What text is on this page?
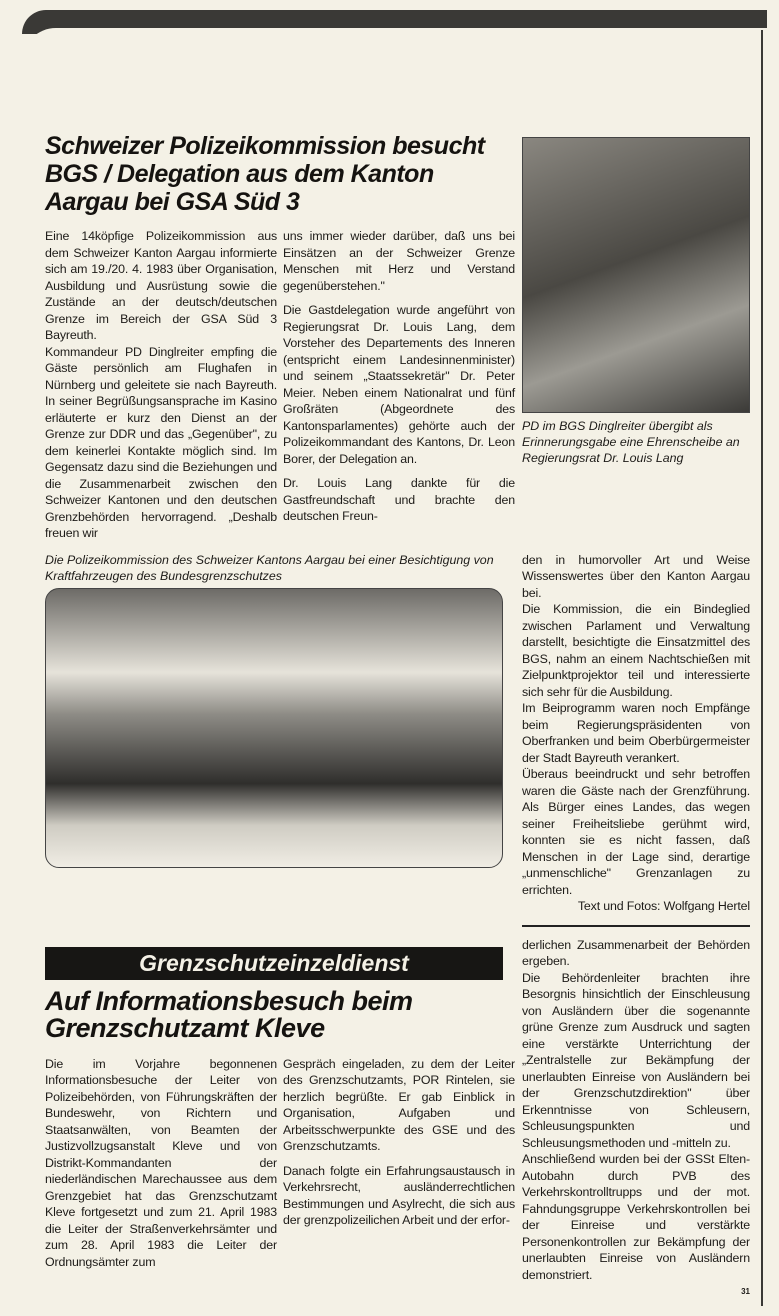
Schweizer Polizeikommission besucht BGS / Delegation aus dem Kanton Aargau bei GSA Süd 3

Eine 14köpfige Polizeikommission aus dem Schweizer Kanton Aargau informierte sich am 19./20. 4. 1983 über Organisation, Ausbildung und Ausrüstung sowie die Zustände an der deutsch/deutschen Grenze im Bereich der GSA Süd 3 Bayreuth.

Kommandeur PD Dinglreiter empfing die Gäste persönlich am Flughafen in Nürnberg und geleitete sie nach Bayreuth. In seiner Begrüßungsansprache im Kasino erläuterte er kurz den Dienst an der Grenze zur DDR und das „Gegenüber", zu dem keinerlei Kontakte möglich sind. Im Gegensatz dazu sind die Beziehungen und die Zusammenarbeit zwischen den Schweizer Kantonen und den deutschen Grenzbehörden hervorragend. „Deshalb freuen wir

uns immer wieder darüber, daß uns bei Einsätzen an der Schweizer Grenze Menschen mit Herz und Verstand gegenüberstehen."

Die Gastdelegation wurde angeführt von Regierungsrat Dr. Louis Lang, dem Vorsteher des Departements des Inneren (entspricht einem Landesinnenminister) und seinem „Staatssekretär" Dr. Peter Meier. Neben einem Nationalrat und fünf Großräten (Abgeordnete des Kantonsparlamentes) gehörte auch der Polizeikommandant des Kantons, Dr. Leon Borer, der Delegation an.

Dr. Louis Lang dankte für die Gastfreundschaft und brachte den deutschen Freun-

PD im BGS Dinglreiter übergibt als Erinnerungsgabe eine Ehrenscheibe an Regierungsrat Dr. Louis Lang
Die Polizeikommission des Schweizer Kantons Aargau bei einer Besichtigung von Kraftfahrzeugen des Bundesgrenzschutzes

den in humorvoller Art und Weise Wissenswertes über den Kanton Aargau bei.

Die Kommission, die ein Bindeglied zwischen Parlament und Verwaltung darstellt, besichtigte die Einsatzmittel des BGS, nahm an einem Nachtschießen mit Zielpunktprojektor teil und interessierte sich sehr für die Ausbildung.

Im Beiprogramm waren noch Empfänge beim Regierungspräsidenten von Oberfranken und beim Oberbürgermeister der Stadt Bayreuth verankert.

Überaus beeindruckt und sehr betroffen waren die Gäste nach der Grenzführung. Als Bürger eines Landes, das wegen seiner Freiheitsliebe gerühmt wird, konnten sie es nicht fassen, daß Menschen in der Lage sind, derartige „unmenschliche" Grenzanlagen zu errichten.

Text und Fotos: Wolfgang Hertel

Grenzschutzeinzeldienst
Auf Informationsbesuch beim Grenzschutzamt Kleve

Die im Vorjahre begonnenen Informationsbesuche der Leiter von Polizeibehörden, von Führungskräften der Bundeswehr, von Richtern und Staatsanwälten, von Beamten der Justizvollzugsanstalt Kleve und von Distrikt-Kommandanten der niederländischen Marechaussee aus dem Grenzgebiet hat das Grenzschutzamt Kleve fortgesetzt und zum 21. April 1983 die Leiter der Straßenverkehrsämter und zum 28. April 1983 die Leiter der Ordnungsämter zum

Gespräch eingeladen, zu dem der Leiter des Grenzschutzamts, POR Rintelen, sie herzlich begrüßte. Er gab Einblick in Organisation, Aufgaben und Arbeitsschwerpunkte des GSE und des Grenzschutzamts.

Danach folgte ein Erfahrungsaustausch in Verkehrsrecht, ausländerrechtlichen Bestimmungen und Asylrecht, die sich aus der grenzpolizeilichen Arbeit und der erfor-

derlichen Zusammenarbeit der Behörden ergeben.

Die Behördenleiter brachten ihre Besorgnis hinsichtlich der Einschleusung von Ausländern über die sogenannte grüne Grenze zum Ausdruck und sagten eine verstärkte Unterrichtung der „Zentralstelle zur Bekämpfung der unerlaubten Einreise von Ausländern bei der Grenzschutzdirektion" über Erkenntnisse von Schleusern, Schleusungspunkten und Schleusungsmethoden und -mitteln zu.

Anschließend wurden bei der GSSt Elten-Autobahn durch PVB des Verkehrskontrolltrupps und der mot. Fahndungsgruppe Verkehrskontrollen bei der Einreise und verstärkte Personenkontrollen zur Bekämpfung der unerlaubten Einreise von Ausländern demonstriert.

31
